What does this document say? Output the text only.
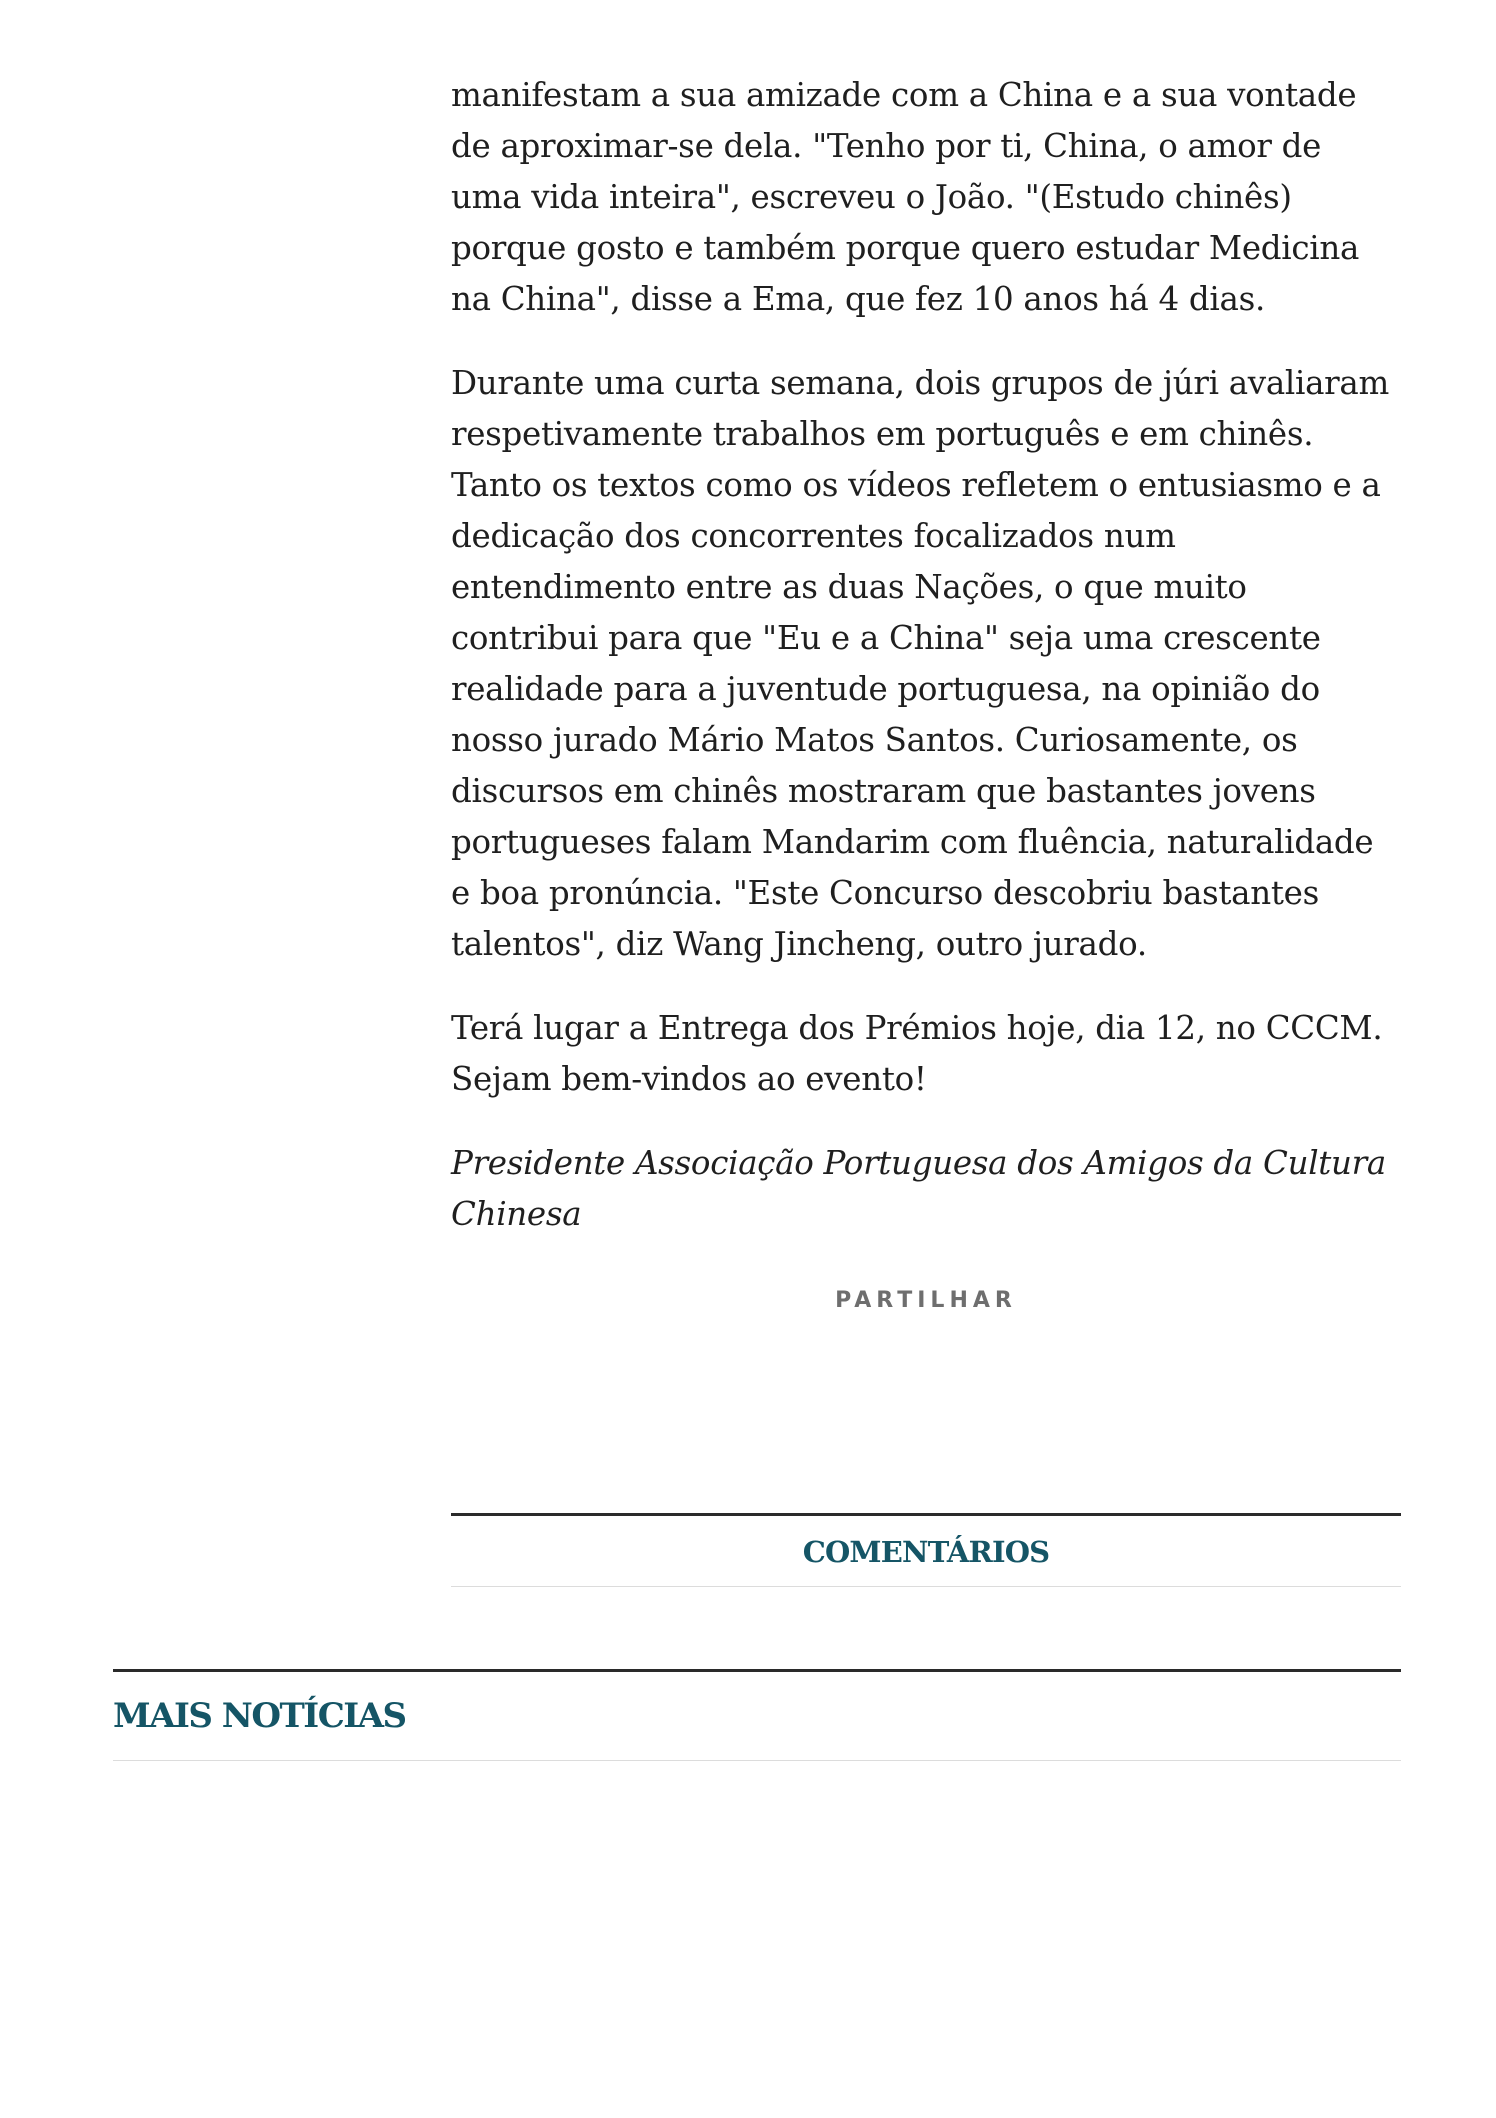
manifestam a sua amizade com a China e a sua vontade de aproximar-se dela. "Tenho por ti, China, o amor de uma vida inteira", escreveu o João. "(Estudo chinês) porque gosto e também porque quero estudar Medicina na China", disse a Ema, que fez 10 anos há 4 dias.

Durante uma curta semana, dois grupos de júri avaliaram respetivamente trabalhos em português e em chinês. Tanto os textos como os vídeos refletem o entusiasmo e a dedicação dos concorrentes focalizados num entendimento entre as duas Nações, o que muito contribui para que "Eu e a China" seja uma crescente realidade para a juventude portuguesa, na opinião do nosso jurado Mário Matos Santos. Curiosamente, os discursos em chinês mostraram que bastantes jovens portugueses falam Mandarim com fluência, naturalidade e boa pronúncia. "Este Concurso descobriu bastantes talentos", diz Wang Jincheng, outro jurado.

Terá lugar a Entrega dos Prémios hoje, dia 12, no CCCM. Sejam bem-vindos ao evento!

Presidente Associação Portuguesa dos Amigos da Cultura Chinesa

PARTILHAR
COMENTÁRIOS
MAIS NOTÍCIAS
